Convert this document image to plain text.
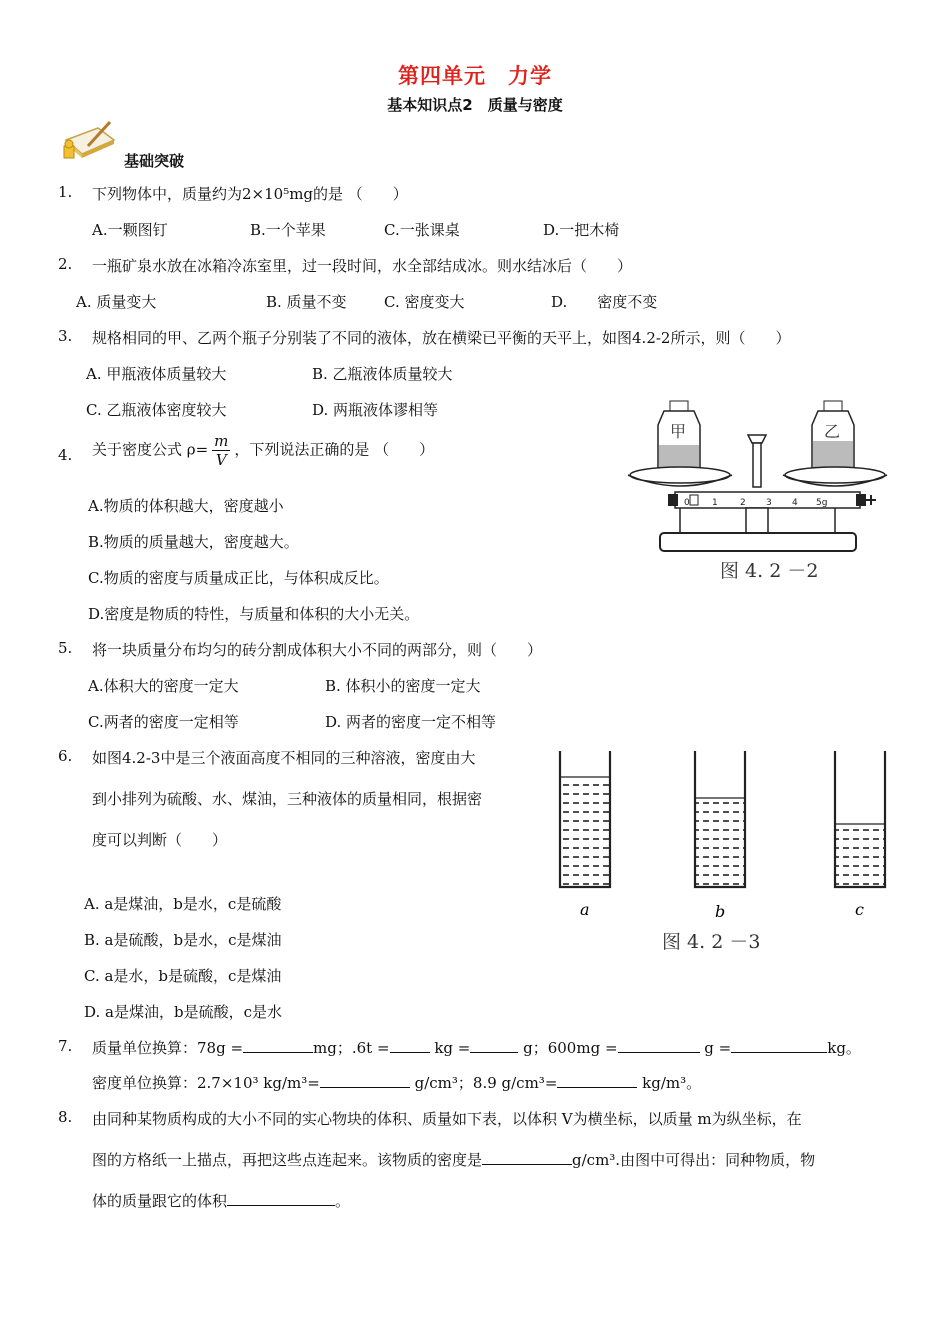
第四单元　力学
基本知识点2　质量与密度
基础突破
1. 下列物体中，质量约为2×10⁵mg的是 （　　）
A.一颗图钉	B.一个苹果	C.一张课桌	D.一把木椅
2. 一瓶矿泉水放在冰箱冷冻室里，过一段时间，水全部结成冰。则水结冰后（　　）
A. 质量变大	B. 质量不变 C. 密度变大	D.　　密度不变
3. 规格相同的甲、乙两个瓶子分别装了不同的液体，放在横梁已平衡的天平上，如图4.2-2所示，则（　　）
A. 甲瓶液体质量较大	B. 乙瓶液体质量较大
C. 乙瓶液体密度较大	D. 两瓶液体谬相等
4. 关于密度公式 $\rho= \frac{m}{V}$ ，下列说法正确的是 （　　）
A.物质的体积越大，密度越小
B.物质的质量越大，密度越大。
C.物质的密度与质量成正比，与体积成反比。
D.密度是物质的特性，与质量和体积的大小无关。
甲	乙
0 1 2 3 4 5g
图 4. 2 －2
5. 将一块质量分布均匀的砖分割成体积大小不同的两部分，则（　　）
A.体积大的密度一定大	B. 体积小的密度一定大
C.两者的密度一定相等	D. 两者的密度一定不相等
6. 如图4.2-3中是三个液面高度不相同的三种溶液，密度由大
到小排列为硫酸、水、煤油，三种液体的质量相同，根据密
度可以判断（　　）
A. a是煤油，b是水，c是硫酸
B. a是硫酸，b是水，c是煤油
C. a是水，b是硫酸，c是煤油
D. a是煤油，b是硫酸，c是水
a	b	c
图 4. 2 －3
7. 质量单位换算：78g =	mg；.6t =	kg =	g；600mg =	g =	kg。
密度单位换算：2.7×10³ kg/m³=	g/cm³；8.9 g/cm³=	kg/m³。
8. 由同种某物质构成的大小不同的实心物块的体积、质量如下表，以体积 V为横坐标，以质量 m为纵坐标，在
图的方格纸一上描点，再把这些点连起来。该物质的密度是	g/cm³.由图中可得出：同种物质，物
体的质量跟它的体积	。
